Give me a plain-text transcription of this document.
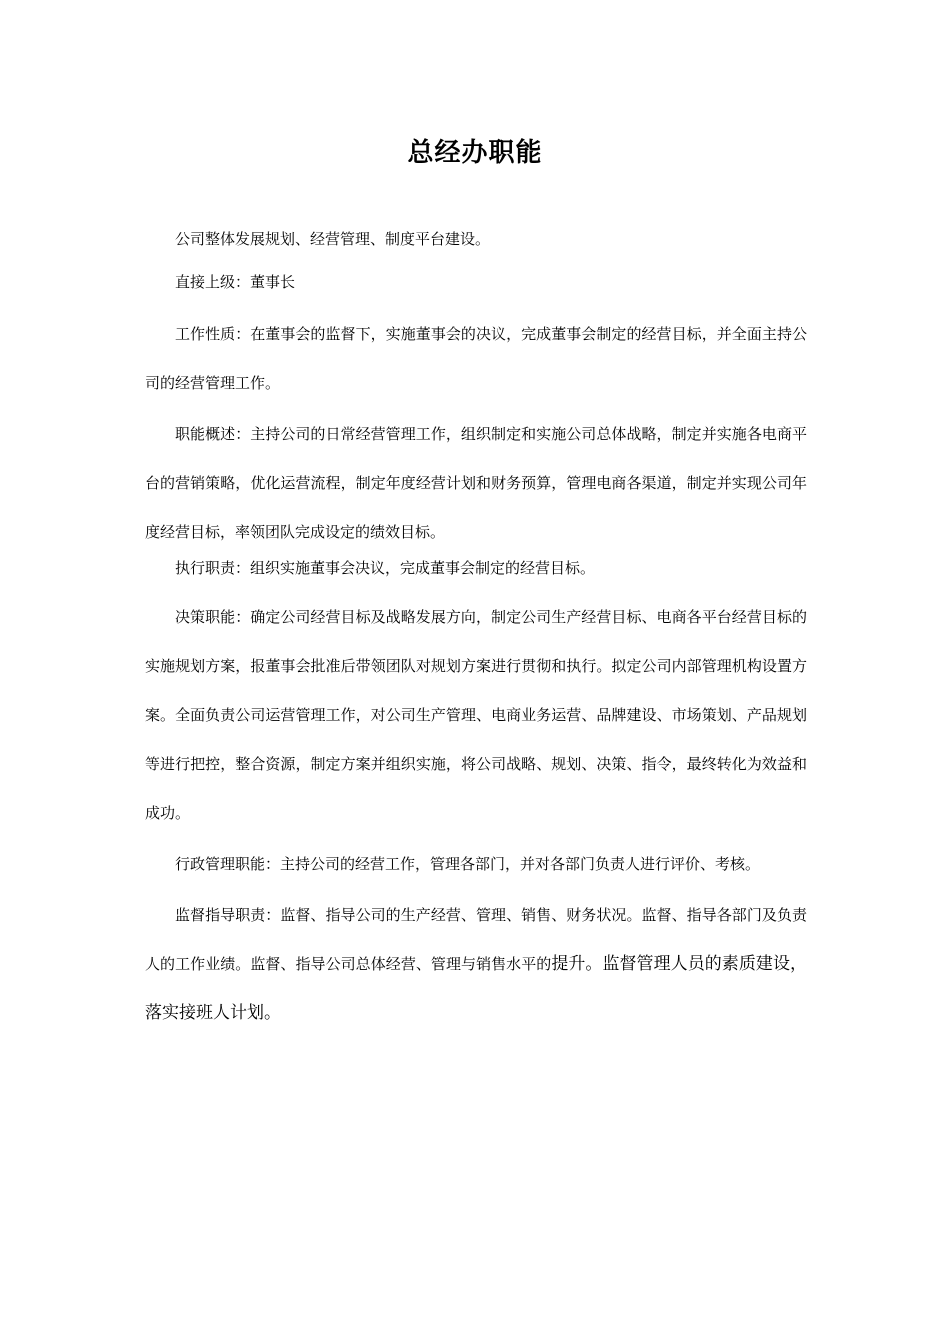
总经办职能

公司整体发展规划、经营管理、制度平台建设。

直接上级：董事长

工作性质：在董事会的监督下，实施董事会的决议，完成董事会制定的经营目标，并全面主持公司的经营管理工作。

职能概述：主持公司的日常经营管理工作，组织制定和实施公司总体战略，制定并实施各电商平台的营销策略，优化运营流程，制定年度经营计划和财务预算，管理电商各渠道，制定并实现公司年度经营目标，率领团队完成设定的绩效目标。

执行职责：组织实施董事会决议，完成董事会制定的经营目标。

决策职能：确定公司经营目标及战略发展方向，制定公司生产经营目标、电商各平台经营目标的实施规划方案，报董事会批准后带领团队对规划方案进行贯彻和执行。拟定公司内部管理机构设置方案。全面负责公司运营管理工作，对公司生产管理、电商业务运营、品牌建设、市场策划、产品规划等进行把控，整合资源，制定方案并组织实施，将公司战略、规划、决策、指令，最终转化为效益和成功。

行政管理职能：主持公司的经营工作，管理各部门，并对各部门负责人进行评价、考核。

监督指导职责：监督、指导公司的生产经营、管理、销售、财务状况。监督、指导各部门及负责人的工作业绩。监督、指导公司总体经营、管理与销售水平的提升。监督管理人员的素质建设，落实接班人计划。
